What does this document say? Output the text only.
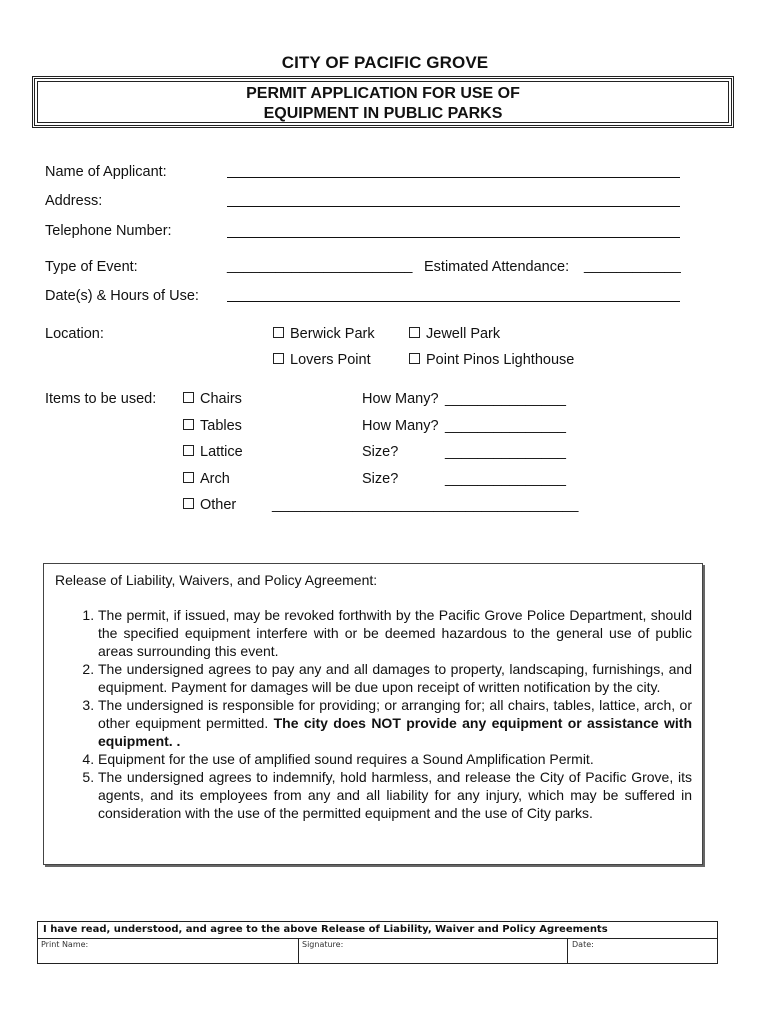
CITY OF PACIFIC GROVE
PERMIT APPLICATION FOR USE OF
EQUIPMENT IN PUBLIC PARKS
Name of Applicant:
Address:
Telephone Number:
Type of Event:	_______________________ Estimated Attendance: ____________
Date(s) & Hours of Use:
Location:	Berwick Park	Jewell Park
Lovers Point	Point Pinos Lighthouse
Items to be used:	Chairs	How Many? _______________
Tables	How Many? _______________
Lattice	Size?	_______________
Arch	Size?	_______________
Other ______________________________________
Release of Liability, Waivers, and Policy Agreement:
1. The permit, if issued, may be revoked forthwith by the Pacific Grove Police Department, should the specified equipment interfere with or be deemed hazardous to the general use of public areas surrounding this event.
2. The undersigned agrees to pay any and all damages to property, landscaping, furnishings, and equipment. Payment for damages will be due upon receipt of written notification by the city.
3. The undersigned is responsible for providing; or arranging for; all chairs, tables, lattice, arch, or other equipment permitted. The city does NOT provide any equipment or assistance with equipment. .
4. Equipment for the use of amplified sound requires a Sound Amplification Permit.
5. The undersigned agrees to indemnify, hold harmless, and release the City of Pacific Grove, its agents, and its employees from any and all liability for any injury, which may be suffered in consideration with the use of the permitted equipment and the use of City parks.
I have read, understood, and agree to the above Release of Liability, Waiver and Policy Agreements
Print Name:	Signature:	Date:
